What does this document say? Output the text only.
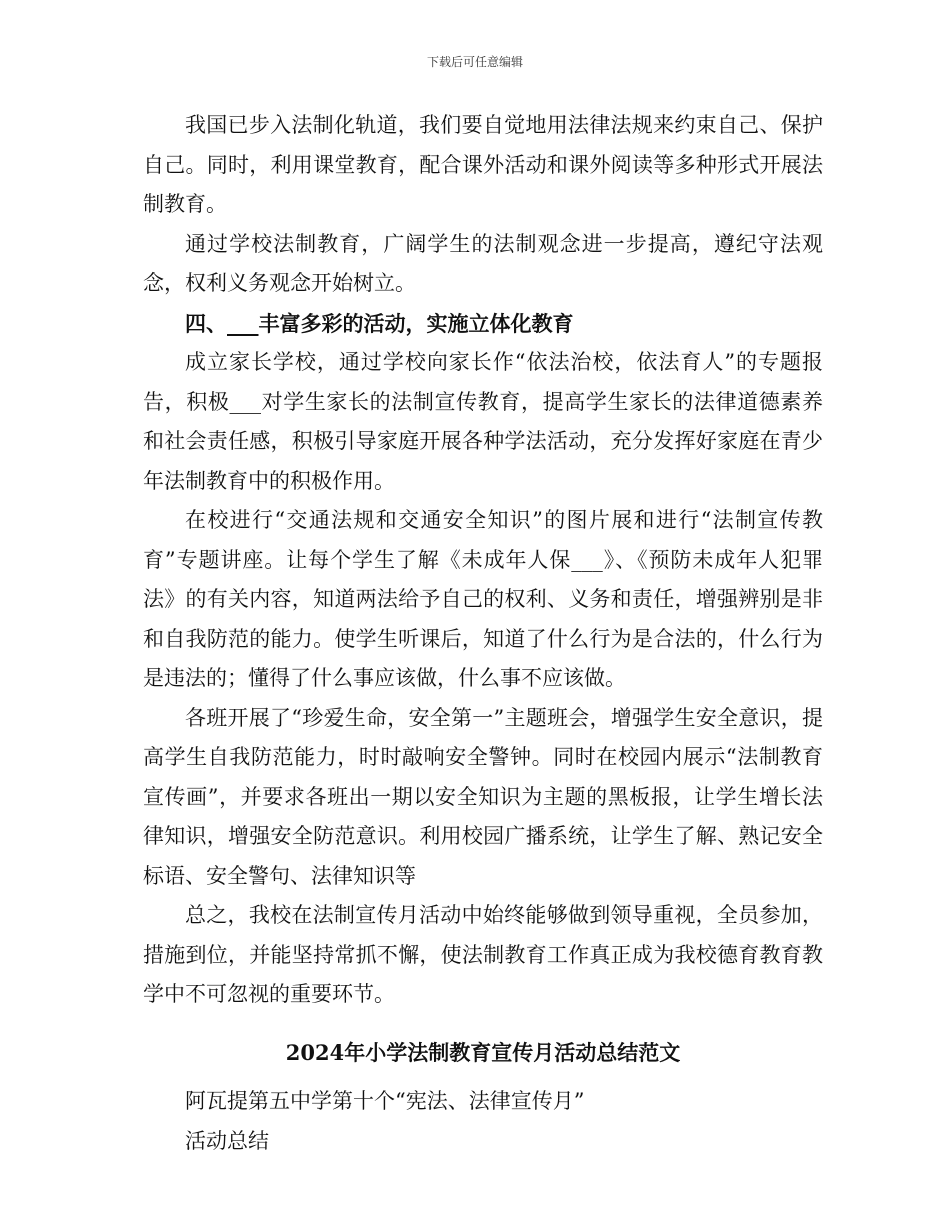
下载后可任意编辑

我国已步入法制化轨道，我们要自觉地用法律法规来约束自己、保护自己。同时，利用课堂教育，配合课外活动和课外阅读等多种形式开展法制教育。

通过学校法制教育，广阔学生的法制观念进一步提高，遵纪守法观念，权利义务观念开始树立。

四、___丰富多彩的活动，实施立体化教育

成立家长学校，通过学校向家长作“依法治校，依法育人”的专题报告，积极___对学生家长的法制宣传教育，提高学生家长的法律道德素养和社会责任感，积极引导家庭开展各种学法活动，充分发挥好家庭在青少年法制教育中的积极作用。

在校进行“交通法规和交通安全知识”的图片展和进行“法制宣传教育”专题讲座。让每个学生了解《未成年人保___》、《预防未成年人犯罪法》的有关内容，知道两法给予自己的权利、义务和责任，增强辨别是非和自我防范的能力。使学生听课后，知道了什么行为是合法的，什么行为是违法的；懂得了什么事应该做，什么事不应该做。

各班开展了“珍爱生命，安全第一”主题班会，增强学生安全意识，提高学生自我防范能力，时时敲响安全警钟。同时在校园内展示“法制教育宣传画”，并要求各班出一期以安全知识为主题的黑板报，让学生增长法律知识，增强安全防范意识。利用校园广播系统，让学生了解、熟记安全标语、安全警句、法律知识等

总之，我校在法制宣传月活动中始终能够做到领导重视，全员参加，措施到位，并能坚持常抓不懈，使法制教育工作真正成为我校德育教育教学中不可忽视的重要环节。

2024年小学法制教育宣传月活动总结范文

阿瓦提第五中学第十个“宪法、法律宣传月”

活动总结
